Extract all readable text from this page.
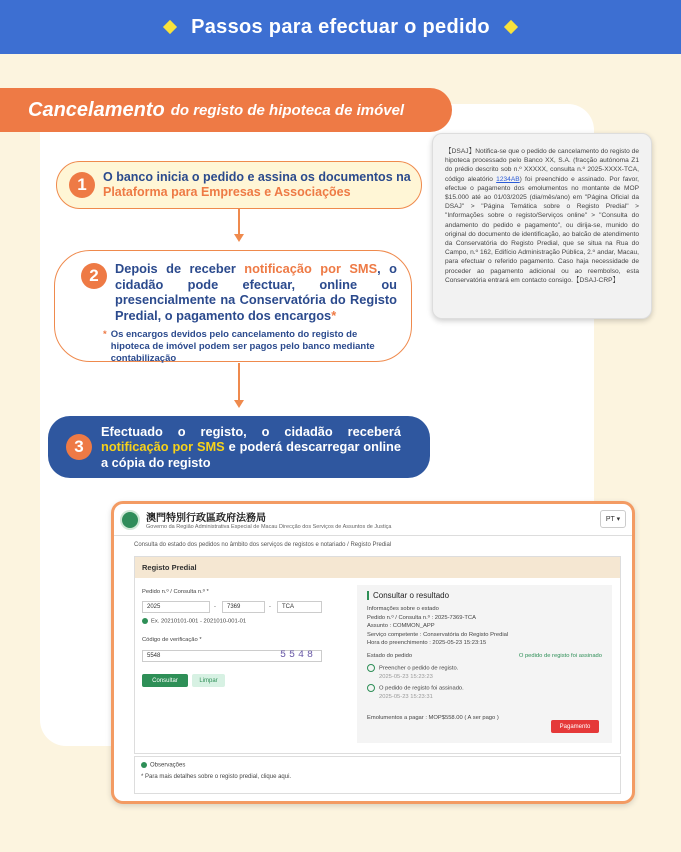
Passos para efectuar o pedido
Cancelamento do registo de hipoteca de imóvel
1	O banco inicia o pedido e assina os documentos na Plataforma para Empresas e Associações
2	Depois de receber notificação por SMS, o cidadão pode efectuar, online ou presencialmente na Conservatória do Registo Predial, o pagamento dos encargos*
* Os encargos devidos pelo cancelamento do registo de hipoteca de imóvel podem ser pagos pelo banco mediante contabilização
3
Efectuado o registo, o cidadão receberá notificação por SMS e poderá descarregar online a cópia do registo
【DSAJ】Notifica-se que o pedido de cancelamento do registo de hipoteca processado pelo Banco XX, S.A. (fracção autónoma Z1 do prédio descrito sob n.º XXXXX, consulta n.º 2025-XXXX-TCA, código aleatório 1234AB) foi preenchido e assinado. Por favor, efectue o pagamento dos emolumentos no montante de MOP $15.000 até ao 01/03/2025 (dia/mês/ano) em "Página Oficial da DSAJ" > "Página Temática sobre o Registo Predial" > "Informações sobre o registo/Serviços online" > "Consulta do andamento do pedido e pagamento", ou dirija-se, munido do original do documento de identificação, ao balcão de atendimento da Conservatória do Registo Predial, que se situa na Rua do Campo, n.º 162, Edifício Administração Pública, 2.º andar, Macau, para efectuar o referido pagamento. Caso haja necessidade de proceder ao pagamento adicional ou ao reembolso, esta Conservatória entrará em contacto consigo.【DSAJ-CRP】
澳門特別行政區政府法務局
Governo da Região Administrativa Especial de Macau Direcção dos Serviços de Assuntos de Justiça
PT ▾
Consulta do estado dos pedidos no âmbito dos serviços de registos e notariado / Registo Predial
Registo Predial
Pedido n.º / Consulta n.º *
2025	-	7369	-	TCA
Ex. 20210101-001 - 2021010-001-01
Código de verificação *
5548	5548
Consultar	Limpar
Consultar o resultado
Informações sobre o estado
Pedido n.º / Consulta n.º : 2025-7369-TCA
Assunto : COMMON_APP
Serviço competente : Conservatória do Registo Predial
Hora do preenchimento : 2025-05-23 15:23:15
Estado do pedido	O pedido de registo foi assinado
Preencher o pedido de registo.
2025-05-23 15:23:23
O pedido de registo foi assinado.
2025-05-23 15:23:31
Emolumentos a pagar : MOP$558.00 ( A ser pago )
Pagamento
Observações
* Para mais detalhes sobre o registo predial, clique aqui.
